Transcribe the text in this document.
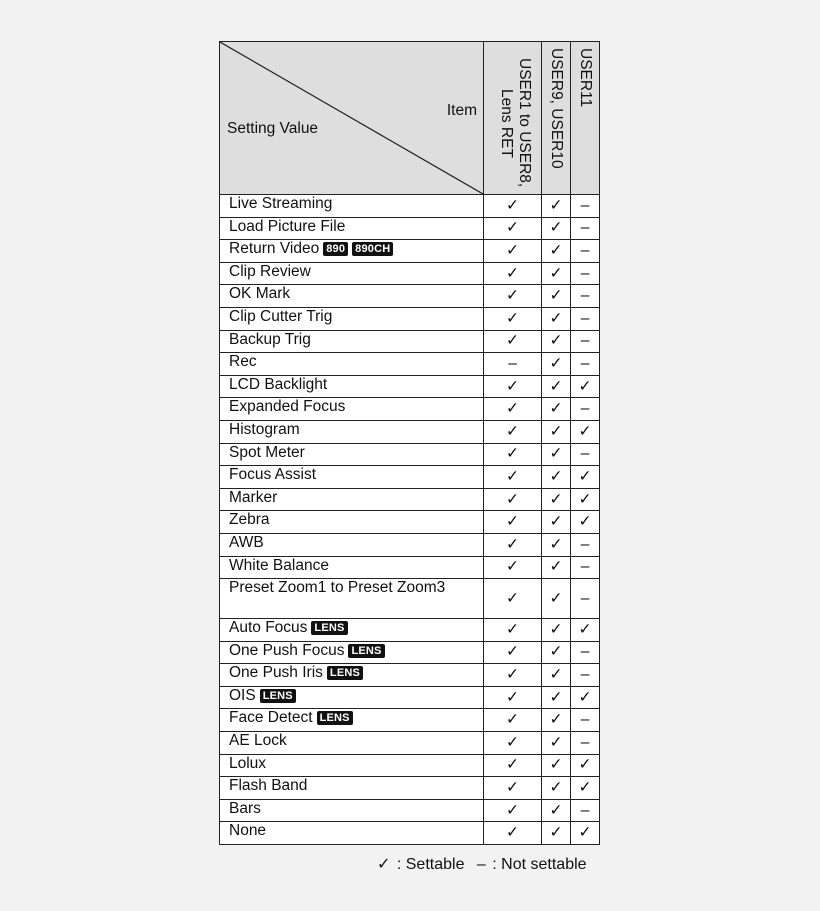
Item
Setting Value	USER1 to USER8, Lens RET	USER9, USER10	USER11

Live Streaming	✓	✓	–
Load Picture File	✓	✓	–
Return Video 890 890CH	✓	✓	–
Clip Review	✓	✓	–
OK Mark	✓	✓	–
Clip Cutter Trig	✓	✓	–
Backup Trig	✓	✓	–
Rec	–	✓	–
LCD Backlight	✓	✓	✓
Expanded Focus	✓	✓	–
Histogram	✓	✓	✓
Spot Meter	✓	✓	–
Focus Assist	✓	✓	✓
Marker	✓	✓	✓
Zebra	✓	✓	✓
AWB	✓	✓	–
White Balance	✓	✓	–
Preset Zoom1 to Preset Zoom3	✓	✓	–
Auto Focus LENS	✓	✓	✓
One Push Focus LENS	✓	✓	–
One Push Iris LENS	✓	✓	–
OIS LENS	✓	✓	✓
Face Detect LENS	✓	✓	–
AE Lock	✓	✓	–
Lolux	✓	✓	✓
Flash Band	✓	✓	✓
Bars	✓	✓	–
None	✓	✓	✓
✓ : Settable – : Not settable
